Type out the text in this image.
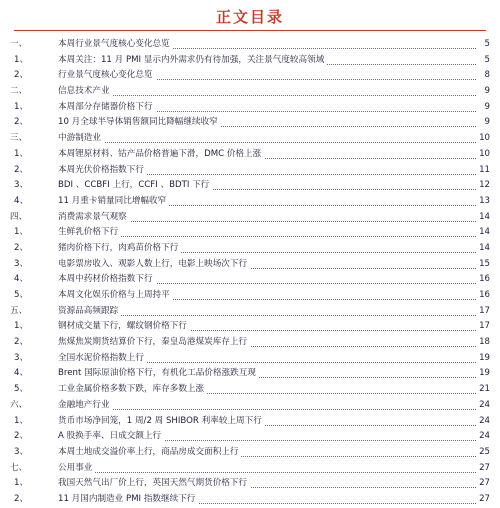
正文目录
一、	本周行业景气度核心变化总览	5
1、	本周关注：11 月 PMI 显示内外需求仍有待加强，关注景气度较高领域	5
2、	行业景气度核心变化总览	8
二、	信息技术产业	9
1、	本周部分存储器价格下行	9
2、	10 月全球半导体销售额同比降幅继续收窄	9
三、	中游制造业	10
1、	本周锂原材料、钴产品价格普遍下滑，DMC 价格上涨	10
2、	本周光伏价格指数下行	11
3、	BDI 、CCBFI 上行，CCFI 、BDTI 下行	12
4、	11 月重卡销量同比增幅收窄	13
四、	消费需求景气观察	14
1、	生鲜乳价格下行	14
2、	猪肉价格下行，肉鸡苗价格下行	14
3、	电影票房收入、观影人数上行，电影上映场次下行	15
4、	本周中药材价格指数下行	16
5、	本周文化娱乐价格与上周持平	16
五、	资源品高频跟踪	17
1、	钢材成交量下行，螺纹钢价格下行	17
2、	焦煤焦炭期货结算价下行，秦皇岛港煤炭库存上行	18
3、	全国水泥价格指数上行	19
4、	Brent 国际原油价格下行，有机化工品价格涨跌互现	19
5、	工业金属价格多数下跌，库存多数上涨	21
六、	金融地产行业	24
1、	货币市场净回笼，1 周/2 周 SHIBOR 利率较上周下行	24
2、	A 股换手率、日成交额上行	24
3、	本周土地成交溢价率上行，商品房成交面积上行	25
七、	公用事业	27
1、	我国天然气出厂价上行，英国天然气期货价格下行	27
2、	11 月国内制造业 PMI 指数继续下行	27
